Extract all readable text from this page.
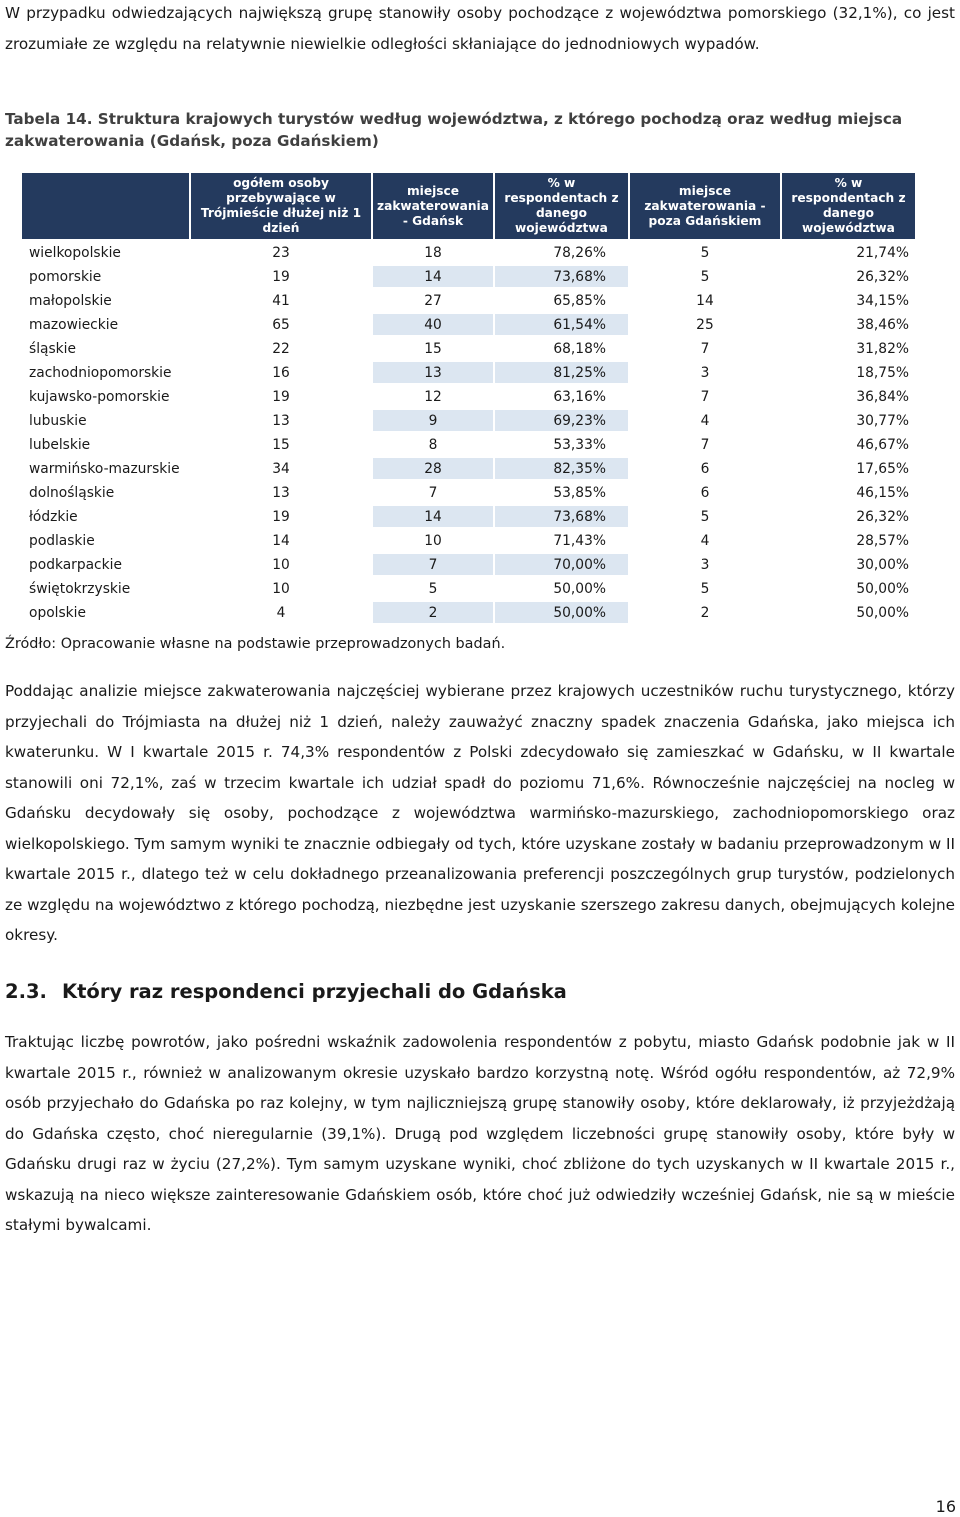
W przypadku odwiedzających największą grupę stanowiły osoby pochodzące z województwa pomorskiego (32,1%), co jest zrozumiałe ze względu na relatywnie niewielkie odległości skłaniające do jednodniowych wypadów.

Tabela 14. Struktura krajowych turystów według województwa, z którego pochodzą oraz według miejsca zakwaterowania (Gdańsk, poza Gdańskiem)

	ogółem osoby przebywające w Trójmieście dłużej niż 1 dzień	miejsce zakwaterowania - Gdańsk	% w respondentach z danego województwa	miejsce zakwaterowania - poza Gdańskiem	% w respondentach z danego województwa
wielkopolskie	23	18	78,26%	5	21,74%
pomorskie	19	14	73,68%	5	26,32%
małopolskie	41	27	65,85%	14	34,15%
mazowieckie	65	40	61,54%	25	38,46%
śląskie	22	15	68,18%	7	31,82%
zachodniopomorskie	16	13	81,25%	3	18,75%
kujawsko-pomorskie	19	12	63,16%	7	36,84%
lubuskie	13	9	69,23%	4	30,77%
lubelskie	15	8	53,33%	7	46,67%
warmińsko-mazurskie	34	28	82,35%	6	17,65%
dolnośląskie	13	7	53,85%	6	46,15%
łódzkie	19	14	73,68%	5	26,32%
podlaskie	14	10	71,43%	4	28,57%
podkarpackie	10	7	70,00%	3	30,00%
świętokrzyskie	10	5	50,00%	5	50,00%
opolskie	4	2	50,00%	2	50,00%

Źródło: Opracowanie własne na podstawie przeprowadzonych badań.

Poddając analizie miejsce zakwaterowania najczęściej wybierane przez krajowych uczestników ruchu turystycznego, którzy przyjechali do Trójmiasta na dłużej niż 1 dzień, należy zauważyć znaczny spadek znaczenia Gdańska, jako miejsca ich kwaterunku. W I kwartale 2015 r. 74,3% respondentów z Polski zdecydowało się zamieszkać w Gdańsku, w II kwartale stanowili oni 72,1%, zaś w trzecim kwartale ich udział spadł do poziomu 71,6%. Równocześnie najczęściej na nocleg w Gdańsku decydowały się osoby, pochodzące z województwa warmińsko-mazurskiego, zachodniopomorskiego oraz wielkopolskiego. Tym samym wyniki te znacznie odbiegały od tych, które uzyskane zostały w badaniu przeprowadzonym w II kwartale 2015 r., dlatego też w celu dokładnego przeanalizowania preferencji poszczególnych grup turystów, podzielonych ze względu na województwo z którego pochodzą, niezbędne jest uzyskanie szerszego zakresu danych, obejmujących kolejne okresy.

2.3. Który raz respondenci przyjechali do Gdańska

Traktując liczbę powrotów, jako pośredni wskaźnik zadowolenia respondentów z pobytu, miasto Gdańsk podobnie jak w II kwartale 2015 r., również w analizowanym okresie uzyskało bardzo korzystną notę. Wśród ogółu respondentów, aż 72,9% osób przyjechało do Gdańska po raz kolejny, w tym najliczniejszą grupę stanowiły osoby, które deklarowały, iż przyjeżdżają do Gdańska często, choć nieregularnie (39,1%). Drugą pod względem liczebności grupę stanowiły osoby, które były w Gdańsku drugi raz w życiu (27,2%). Tym samym uzyskane wyniki, choć zbliżone do tych uzyskanych w II kwartale 2015 r., wskazują na nieco większe zainteresowanie Gdańskiem osób, które choć już odwiedziły wcześniej Gdańsk, nie są w mieście stałymi bywalcami.

16
